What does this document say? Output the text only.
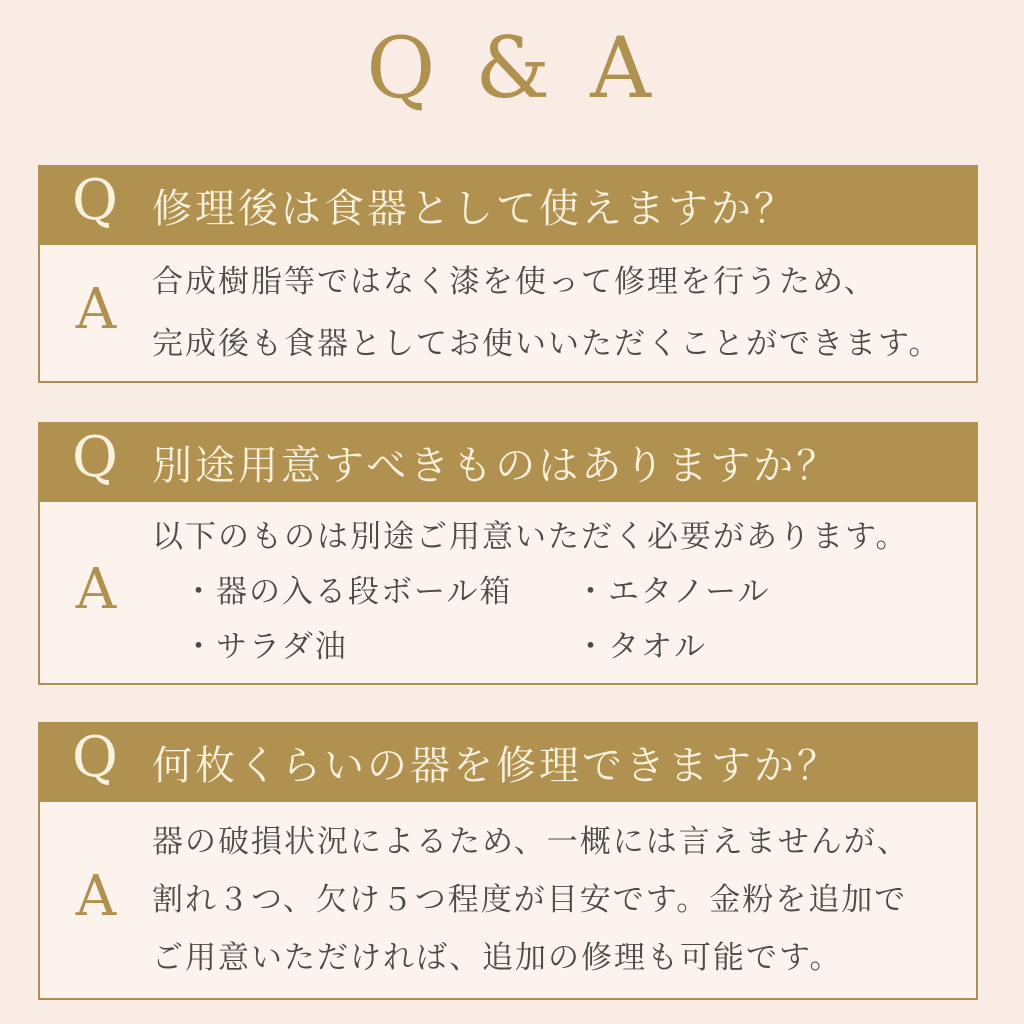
Q & A
Q 修理後は食器として使えますか？
A	合成樹脂等ではなく漆を使って修理を行うため、
完成後も食器としてお使いいただくことができます。
Q 別途用意すべきものはありますか？
A
以下のものは別途ご用意いただく必要があります。
・器の入る段ボール箱	・エタノール
・サラダ油	・タオル
Q 何枚くらいの器を修理できますか？
A
器の破損状況によるため、一概には言えませんが、
割れ３つ、欠け５つ程度が目安です。金粉を追加で
ご用意いただければ、追加の修理も可能です。
